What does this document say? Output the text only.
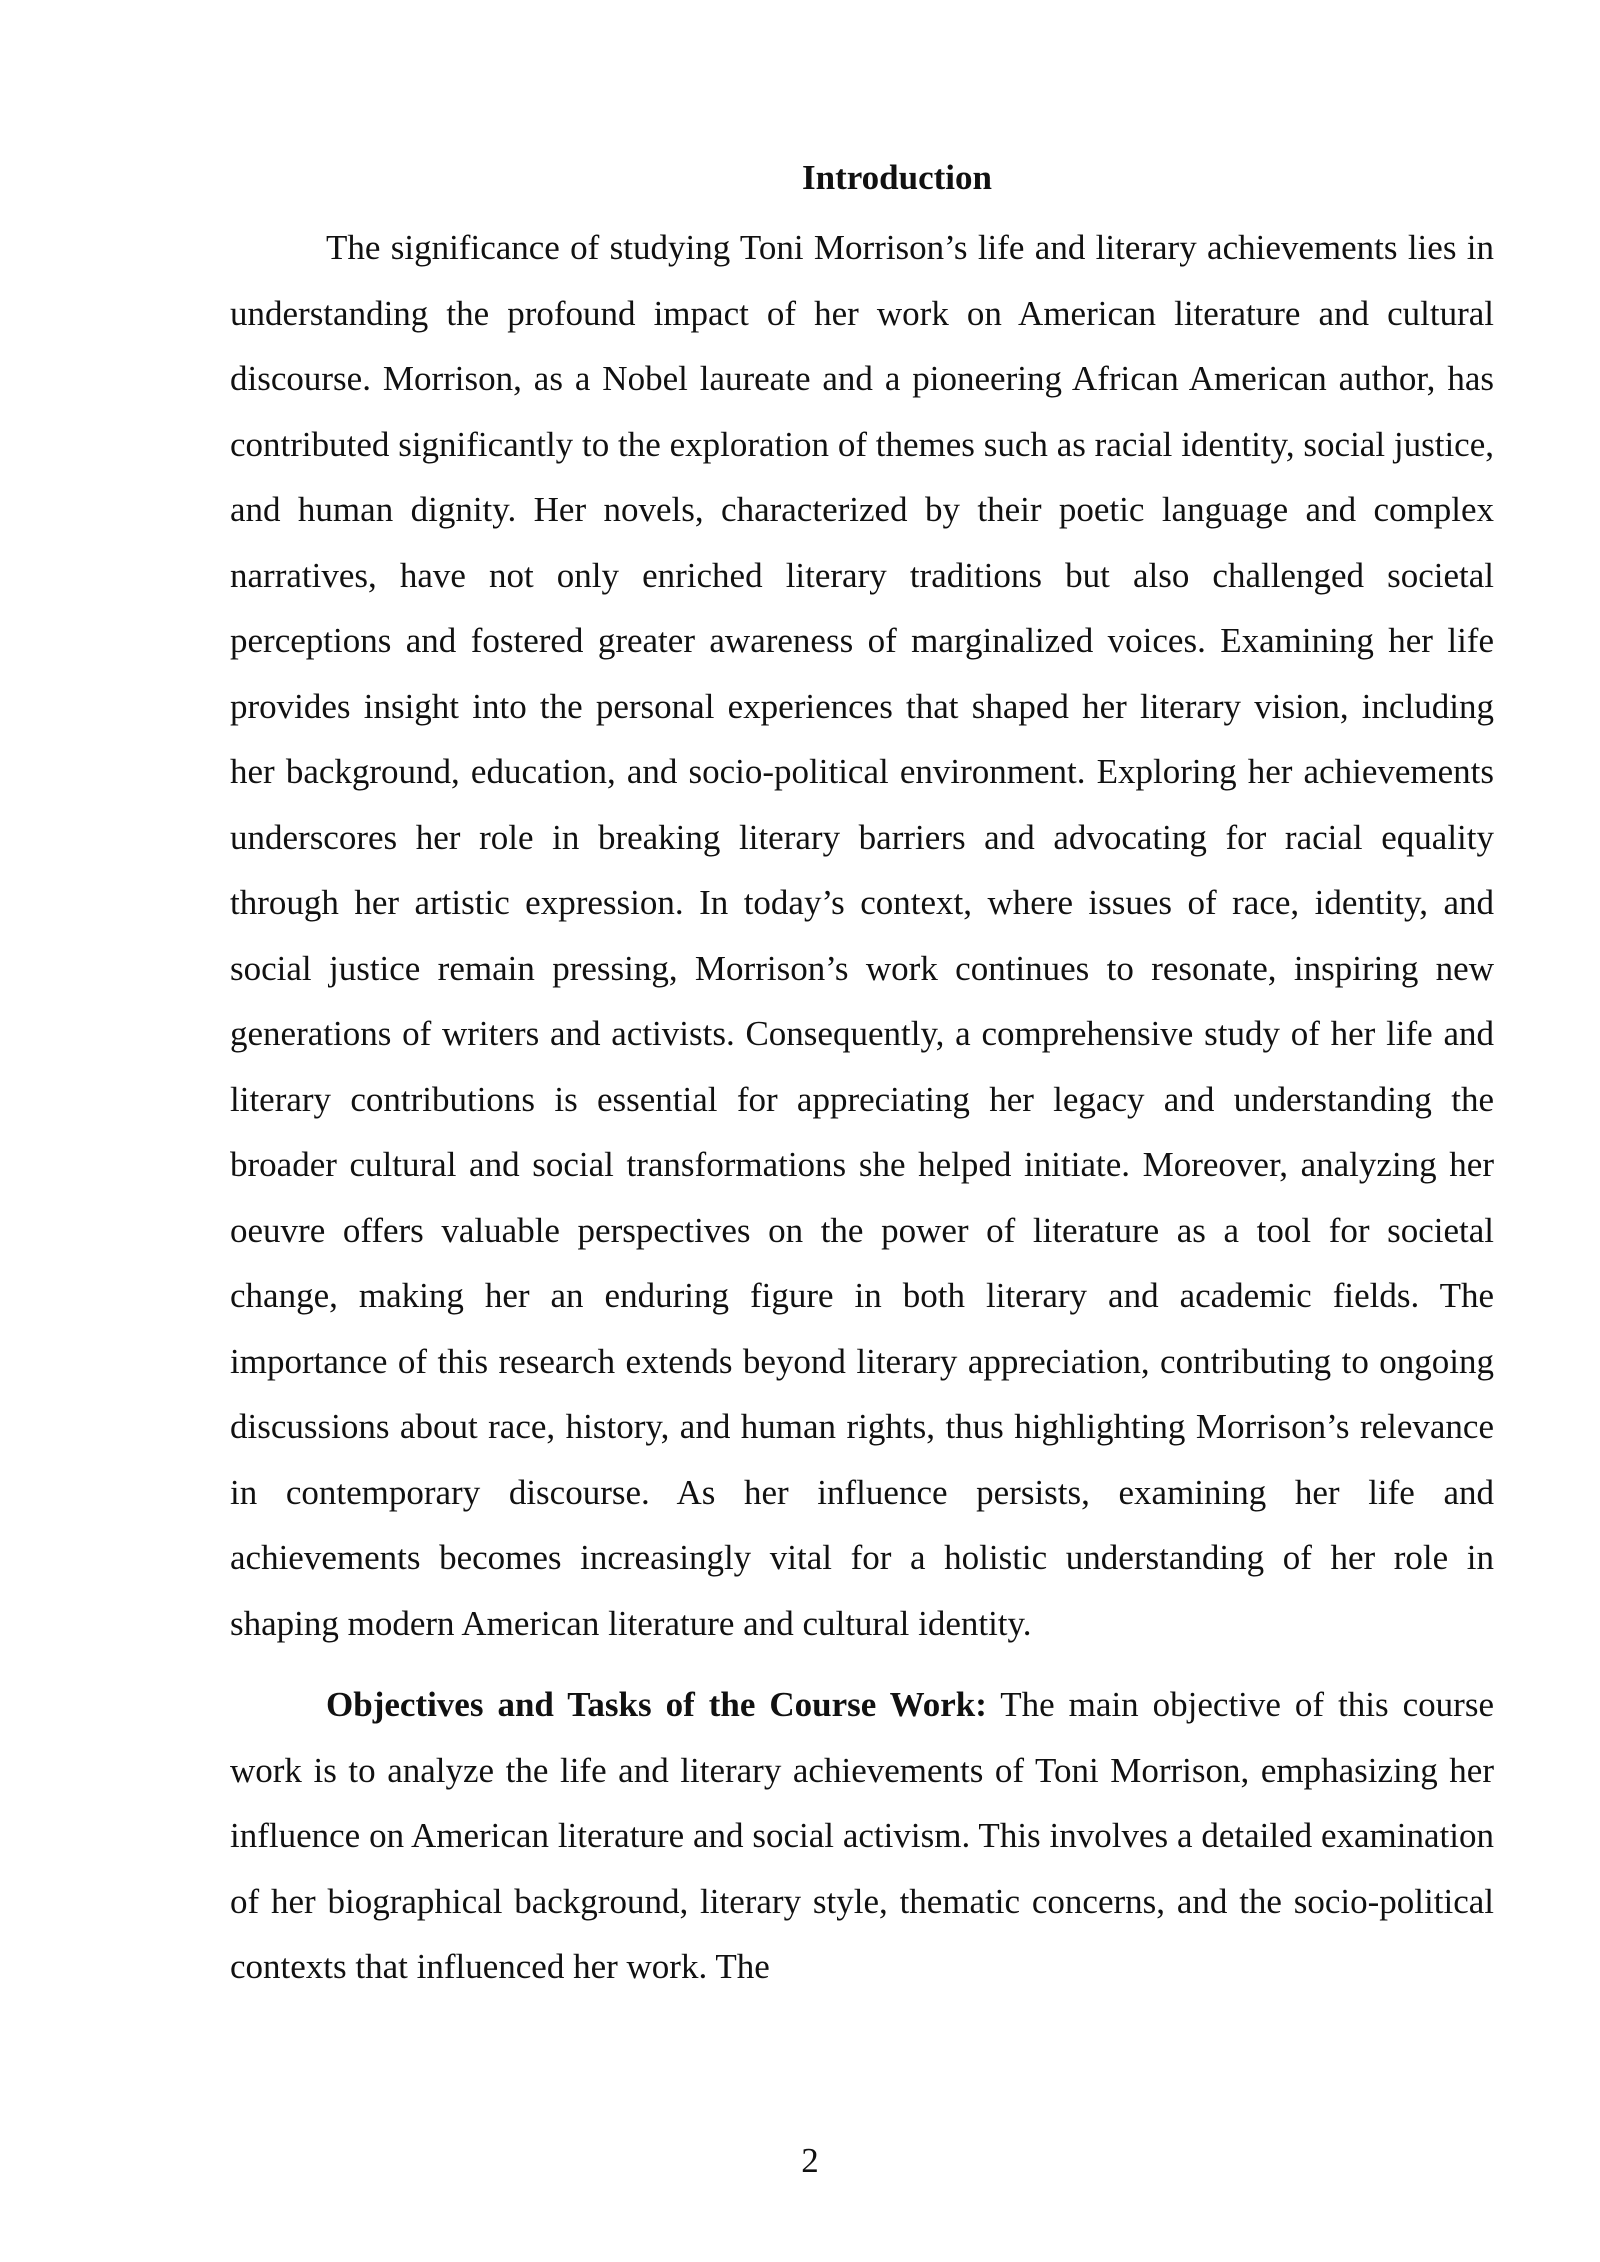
Introduction

The significance of studying Toni Morrison’s life and literary achievements lies in understanding the profound impact of her work on American literature and cultural discourse. Morrison, as a Nobel laureate and a pioneering African American author, has contributed significantly to the exploration of themes such as racial identity, social justice, and human dignity. Her novels, characterized by their poetic language and complex narratives, have not only enriched literary traditions but also challenged societal perceptions and fostered greater awareness of marginalized voices. Examining her life provides insight into the personal experiences that shaped her literary vision, including her background, education, and socio-political environment. Exploring her achievements underscores her role in breaking literary barriers and advocating for racial equality through her artistic expression. In today’s context, where issues of race, identity, and social justice remain pressing, Morrison’s work continues to resonate, inspiring new generations of writers and activists. Consequently, a comprehensive study of her life and literary contributions is essential for appreciating her legacy and understanding the broader cultural and social transformations she helped initiate. Moreover, analyzing her oeuvre offers valuable perspectives on the power of literature as a tool for societal change, making her an enduring figure in both literary and academic fields. The importance of this research extends beyond literary appreciation, contributing to ongoing discussions about race, history, and human rights, thus highlighting Morrison’s relevance in contemporary discourse. As her influence persists, examining her life and achievements becomes increasingly vital for a holistic understanding of her role in shaping modern American literature and cultural identity.

Objectives and Tasks of the Course Work: The main objective of this course work is to analyze the life and literary achievements of Toni Morrison, emphasizing her influence on American literature and social activism. This involves a detailed examination of her biographical background, literary style, thematic concerns, and the socio-political contexts that influenced her work. The

2
